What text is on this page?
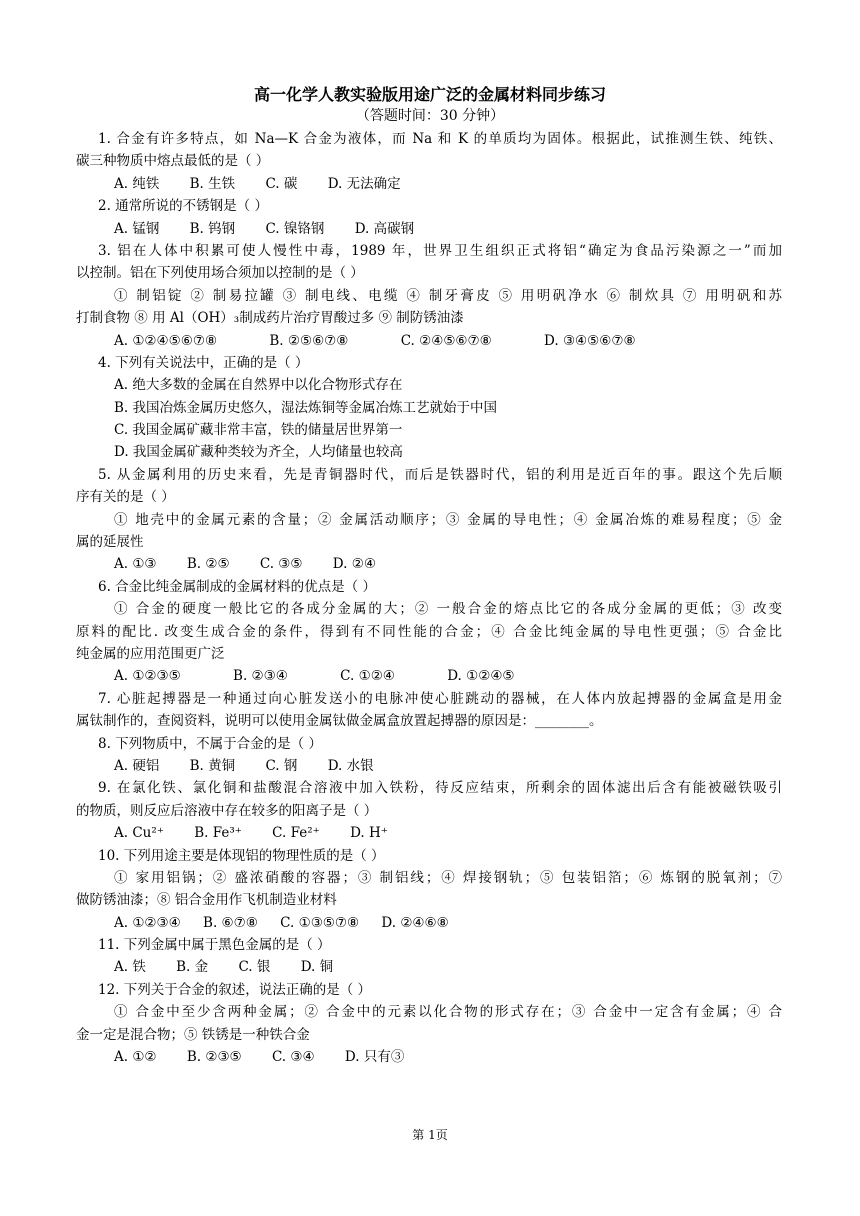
高一化学人教实验版用途广泛的金属材料同步练习
（答题时间：30 分钟）
1. 合金有许多特点，如 Na—K 合金为液体，而 Na 和 K 的单质均为固体。根据此，试推测生铁、纯铁、
碳三种物质中熔点最低的是（ ）
A. 纯铁 B. 生铁 C. 碳 D. 无法确定
2. 通常所说的不锈钢是（ ）
A. 锰钢 B. 钨钢 C. 镍铬钢 D. 高碳钢
3. 铝在人体中积累可使人慢性中毒，1989 年，世界卫生组织正式将铝“确定为食品污染源之一”而加
以控制。铝在下列使用场合须加以控制的是（ ）
① 制铝锭 ② 制易拉罐 ③ 制电线、电缆 ④ 制牙膏皮 ⑤ 用明矾净水 ⑥ 制炊具 ⑦ 用明矾和苏
打制食物 ⑧ 用 Al（OH）₃制成药片治疗胃酸过多 ⑨ 制防锈油漆
A. ①②④⑤⑥⑦⑧	B. ②⑤⑥⑦⑧	C. ②④⑤⑥⑦⑧	D. ③④⑤⑥⑦⑧
4. 下列有关说法中，正确的是（ ）
A. 绝大多数的金属在自然界中以化合物形式存在
B. 我国冶炼金属历史悠久，湿法炼铜等金属冶炼工艺就始于中国
C. 我国金属矿藏非常丰富，铁的储量居世界第一
D. 我国金属矿藏种类较为齐全，人均储量也较高
5. 从金属利用的历史来看，先是青铜器时代，而后是铁器时代，铝的利用是近百年的事。跟这个先后顺
序有关的是（ ）
① 地壳中的金属元素的含量；② 金属活动顺序；③ 金属的导电性；④ 金属冶炼的难易程度；⑤ 金
属的延展性
A. ①③ B. ②⑤ C. ③⑤ D. ②④
6. 合金比纯金属制成的金属材料的优点是（ ）
① 合金的硬度一般比它的各成分金属的大；② 一般合金的熔点比它的各成分金属的更低；③ 改变
原料的配比. 改变生成合金的条件，得到有不同性能的合金；④ 合金比纯金属的导电性更强；⑤ 合金比
纯金属的应用范围更广泛
A. ①②③⑤	B. ②③④	C. ①②④	D. ①②④⑤
7. 心脏起搏器是一种通过向心脏发送小的电脉冲使心脏跳动的器械，在人体内放起搏器的金属盒是用金
属钛制作的，查阅资料，说明可以使用金属钛做金属盒放置起搏器的原因是：________。
8. 下列物质中，不属于合金的是（ ）
A. 硬铝 B. 黄铜 C. 钢 D. 水银
9. 在氯化铁、氯化铜和盐酸混合溶液中加入铁粉，待反应结束，所剩余的固体滤出后含有能被磁铁吸引
的物质，则反应后溶液中存在较多的阳离子是（ ）
A. Cu²⁺ B. Fe³⁺ C. Fe²⁺ D. H⁺
10. 下列用途主要是体现铝的物理性质的是（ ）
① 家用铝锅；② 盛浓硝酸的容器；③ 制铝线；④ 焊接钢轨；⑤ 包装铝箔；⑥ 炼钢的脱氧剂；⑦
做防锈油漆；⑧ 铝合金用作飞机制造业材料
A. ①②③④ B. ⑥⑦⑧ C. ①③⑤⑦⑧ D. ②④⑥⑧
11. 下列金属中属于黑色金属的是（ ）
A. 铁 B. 金 C. 银 D. 铜
12. 下列关于合金的叙述，说法正确的是（ ）
① 合金中至少含两种金属；② 合金中的元素以化合物的形式存在；③ 合金中一定含有金属；④ 合
金一定是混合物；⑤ 铁锈是一种铁合金
A. ①② B. ②③⑤ C. ③④ D. 只有③
第 1页
